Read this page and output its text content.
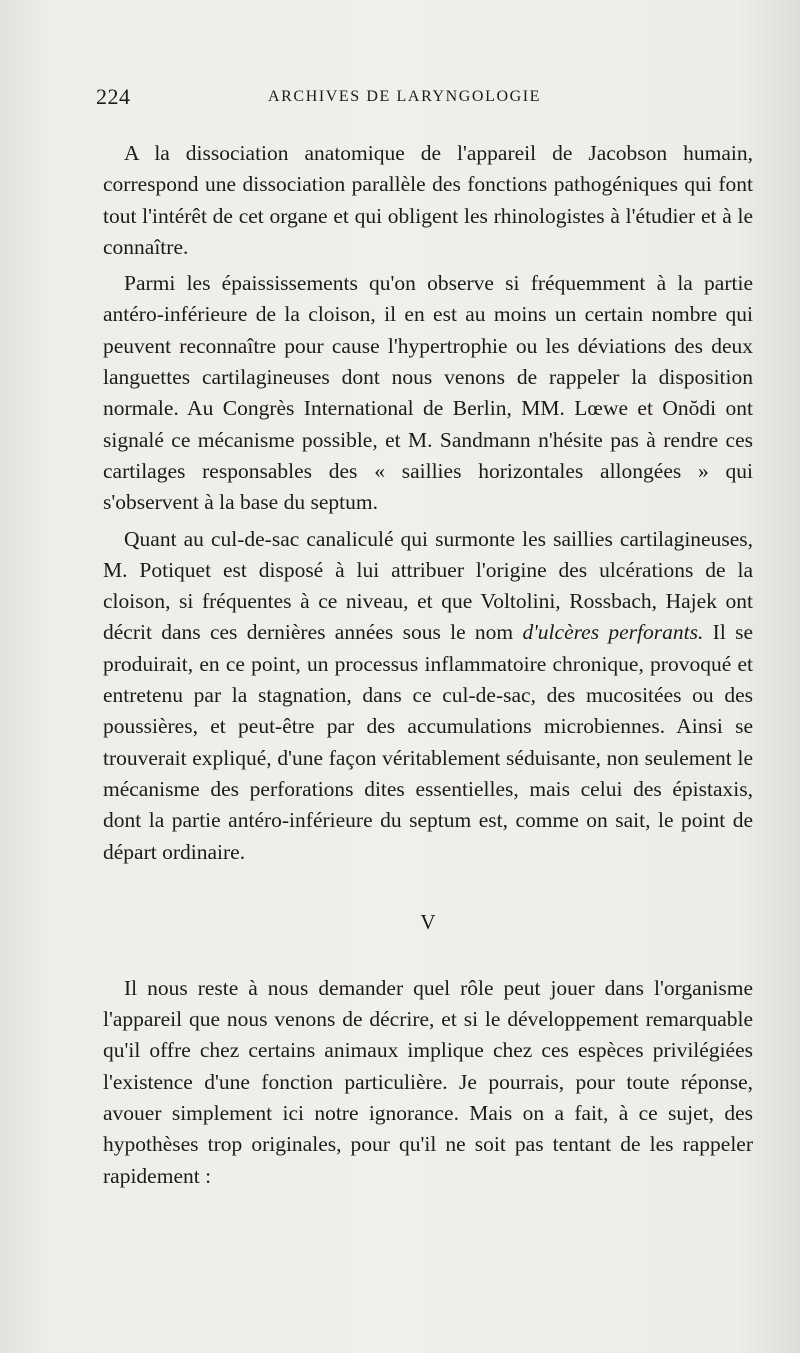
224	ARCHIVES DE LARYNGOLOGIE

A la dissociation anatomique de l'appareil de Jacobson humain, correspond une dissociation parallèle des fonctions pathogéniques qui font tout l'intérêt de cet organe et qui obligent les rhinologistes à l'étudier et à le connaître.

Parmi les épaississements qu'on observe si fréquemment à la partie antéro-inférieure de la cloison, il en est au moins un certain nombre qui peuvent reconnaître pour cause l'hypertrophie ou les déviations des deux languettes cartilagineuses dont nous venons de rappeler la disposition normale. Au Congrès International de Berlin, MM. Lœwe et Onŏdi ont signalé ce mécanisme possible, et M. Sandmann n'hésite pas à rendre ces cartilages responsables des « saillies horizontales allongées » qui s'observent à la base du septum.

Quant au cul-de-sac canaliculé qui surmonte les saillies cartilagineuses, M. Potiquet est disposé à lui attribuer l'origine des ulcérations de la cloison, si fréquentes à ce niveau, et que Voltolini, Rossbach, Hajek ont décrit dans ces dernières années sous le nom d'ulcères perforants. Il se produirait, en ce point, un processus inflammatoire chronique, provoqué et entretenu par la stagnation, dans ce cul-de-sac, des mucositées ou des poussières, et peut-être par des accumulations microbiennes. Ainsi se trouverait expliqué, d'une façon véritablement séduisante, non seulement le mécanisme des perforations dites essentielles, mais celui des épistaxis, dont la partie antéro-inférieure du septum est, comme on sait, le point de départ ordinaire.

V

Il nous reste à nous demander quel rôle peut jouer dans l'organisme l'appareil que nous venons de décrire, et si le développement remarquable qu'il offre chez certains animaux implique chez ces espèces privilégiées l'existence d'une fonction particulière. Je pourrais, pour toute réponse, avouer simplement ici notre ignorance. Mais on a fait, à ce sujet, des hypothèses trop originales, pour qu'il ne soit pas tentant de les rappeler rapidement :
